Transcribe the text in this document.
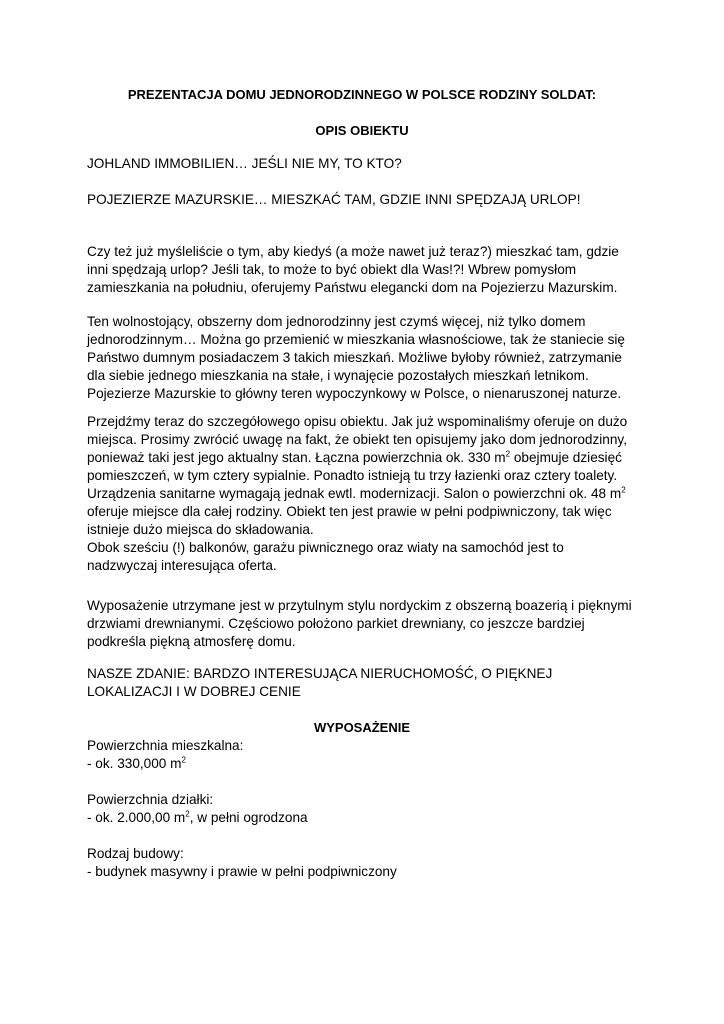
PREZENTACJA DOMU JEDNORODZINNEGO W POLSCE RODZINY SOLDAT:

OPIS OBIEKTU

JOHLAND IMMOBILIEN… JEŚLI NIE MY, TO KTO?

POJEZIERZE MAZURSKIE… MIESZKAĆ TAM, GDZIE INNI SPĘDZAJĄ URLOP!

Czy też już myśleliście o tym, aby kiedyś (a może nawet już teraz?) mieszkać tam, gdzie inni spędzają urlop? Jeśli tak, to może to być obiekt dla Was!?! Wbrew pomysłom zamieszkania na południu, oferujemy Państwu elegancki dom na Pojezierzu Mazurskim.

Ten wolnostojący, obszerny dom jednorodzinny jest czymś więcej, niż tylko domem jednorodzinnym… Można go przemienić w mieszkania własnościowe, tak że staniecie się Państwo dumnym posiadaczem 3 takich mieszkań. Możliwe byłoby również, zatrzymanie dla siebie jednego mieszkania na stałe, i wynajęcie pozostałych mieszkań letnikom. Pojezierze Mazurskie to główny teren wypoczynkowy w Polsce, o nienaruszonej naturze.

Przejdźmy teraz do szczegółowego opisu obiektu. Jak już wspominaliśmy oferuje on dużo miejsca. Prosimy zwrócić uwagę na fakt, że obiekt ten opisujemy jako dom jednorodzinny, ponieważ taki jest jego aktualny stan. Łączna powierzchnia ok. 330 $m^2$ obejmuje dziesięć pomieszczeń, w tym cztery sypialnie. Ponadto istnieją tu trzy łazienki oraz cztery toalety. Urządzenia sanitarne wymagają jednak ewtl. modernizacji. Salon o powierzchni ok. 48 $m^2$ oferuje miejsce dla całej rodziny. Obiekt ten jest prawie w pełni podpiwniczony, tak więc istnieje dużo miejsca do składowania.
Obok sześciu (!) balkonów, garażu piwnicznego oraz wiaty na samochód jest to nadzwyczaj interesująca oferta.

Wyposażenie utrzymane jest w przytulnym stylu nordyckim z obszerną boazerią i pięknymi drzwiami drewnianymi. Częściowo położono parkiet drewniany, co jeszcze bardziej podkreśla piękną atmosferę domu.

NASZE ZDANIE: BARDZO INTERESUJĄCA NIERUCHOMOŚĆ, O PIĘKNEJ LOKALIZACJI I W DOBREJ CENIE

WYPOSAŻENIE

Powierzchnia mieszkalna:
- ok. 330,000 $m^2$

Powierzchnia działki:
- ok. 2.000,00 $m^2$, w pełni ogrodzona

Rodzaj budowy:
- budynek masywny i prawie w pełni podpiwniczony
